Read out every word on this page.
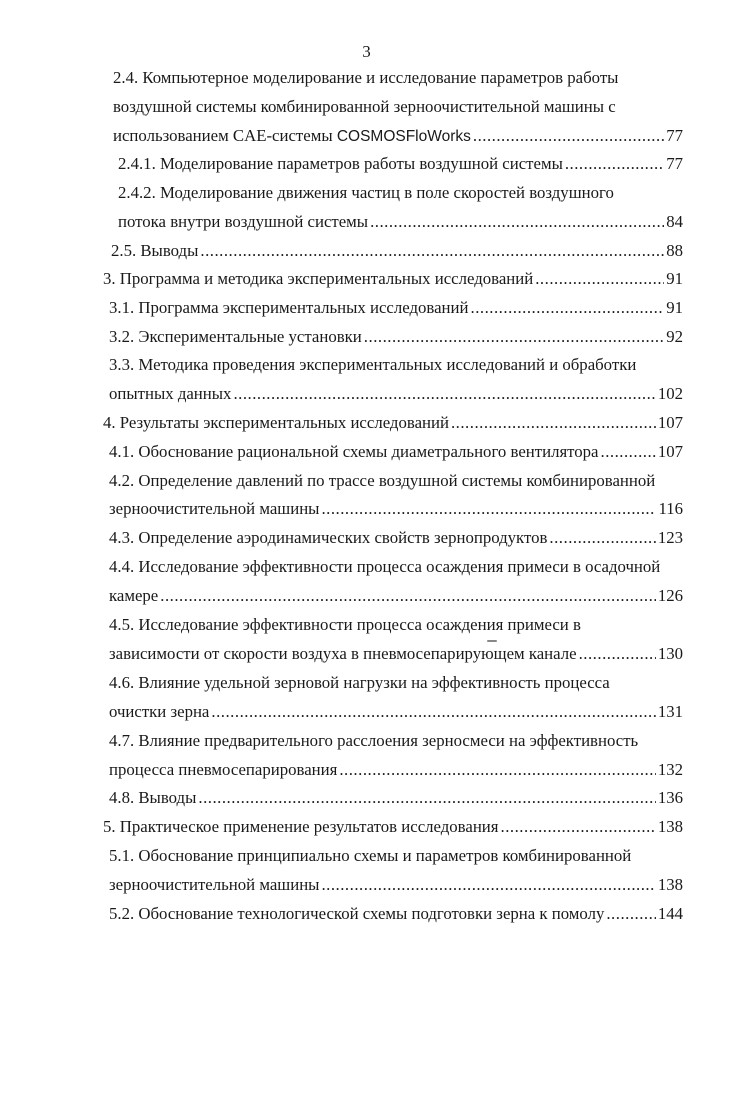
3
2.4. Компьютерное моделирование и исследование параметров работы
воздушной системы комбинированной зерноочистительной машины с
использованием CAE-системы COSMOSFloWorks .....	77
2.4.1. Моделирование параметров работы воздушной системы .....	77
2.4.2. Моделирование движения частиц в поле скоростей воздушного
потока внутри воздушной системы .....	84
2.5. Выводы .....	88
3. Программа и методика экспериментальных исследований .....	91
3.1. Программа экспериментальных исследований .....	91
3.2. Экспериментальные установки .....	92
3.3. Методика проведения экспериментальных исследований и обработки
опытных данных .....	102
4. Результаты экспериментальных исследований .....	107
4.1. Обоснование рациональной схемы диаметрального вентилятора .....	107
4.2. Определение давлений по трассе воздушной системы комбинированной
зерноочистительной машины .....	116
4.3. Определение аэродинамических свойств зернопродуктов .....	123
4.4. Исследование эффективности процесса осаждения примеси в осадочной
камере .....	126
4.5. Исследование эффективности процесса осаждения примеси в
зависимости от скорости воздуха в пневмосепарирующем канале .....	130
4.6. Влияние удельной зерновой нагрузки на эффективность процесса
очистки зерна .....	131
4.7. Влияние предварительного расслоения зерносмеси на эффективность
процесса пневмосепарирования .....	132
4.8. Выводы .....	136
5. Практическое применение результатов исследования .....	138
5.1. Обоснование принципиально схемы и параметров комбинированной
зерноочистительной машины .....	138
5.2. Обоснование технологической схемы подготовки зерна к помолу .....	144
